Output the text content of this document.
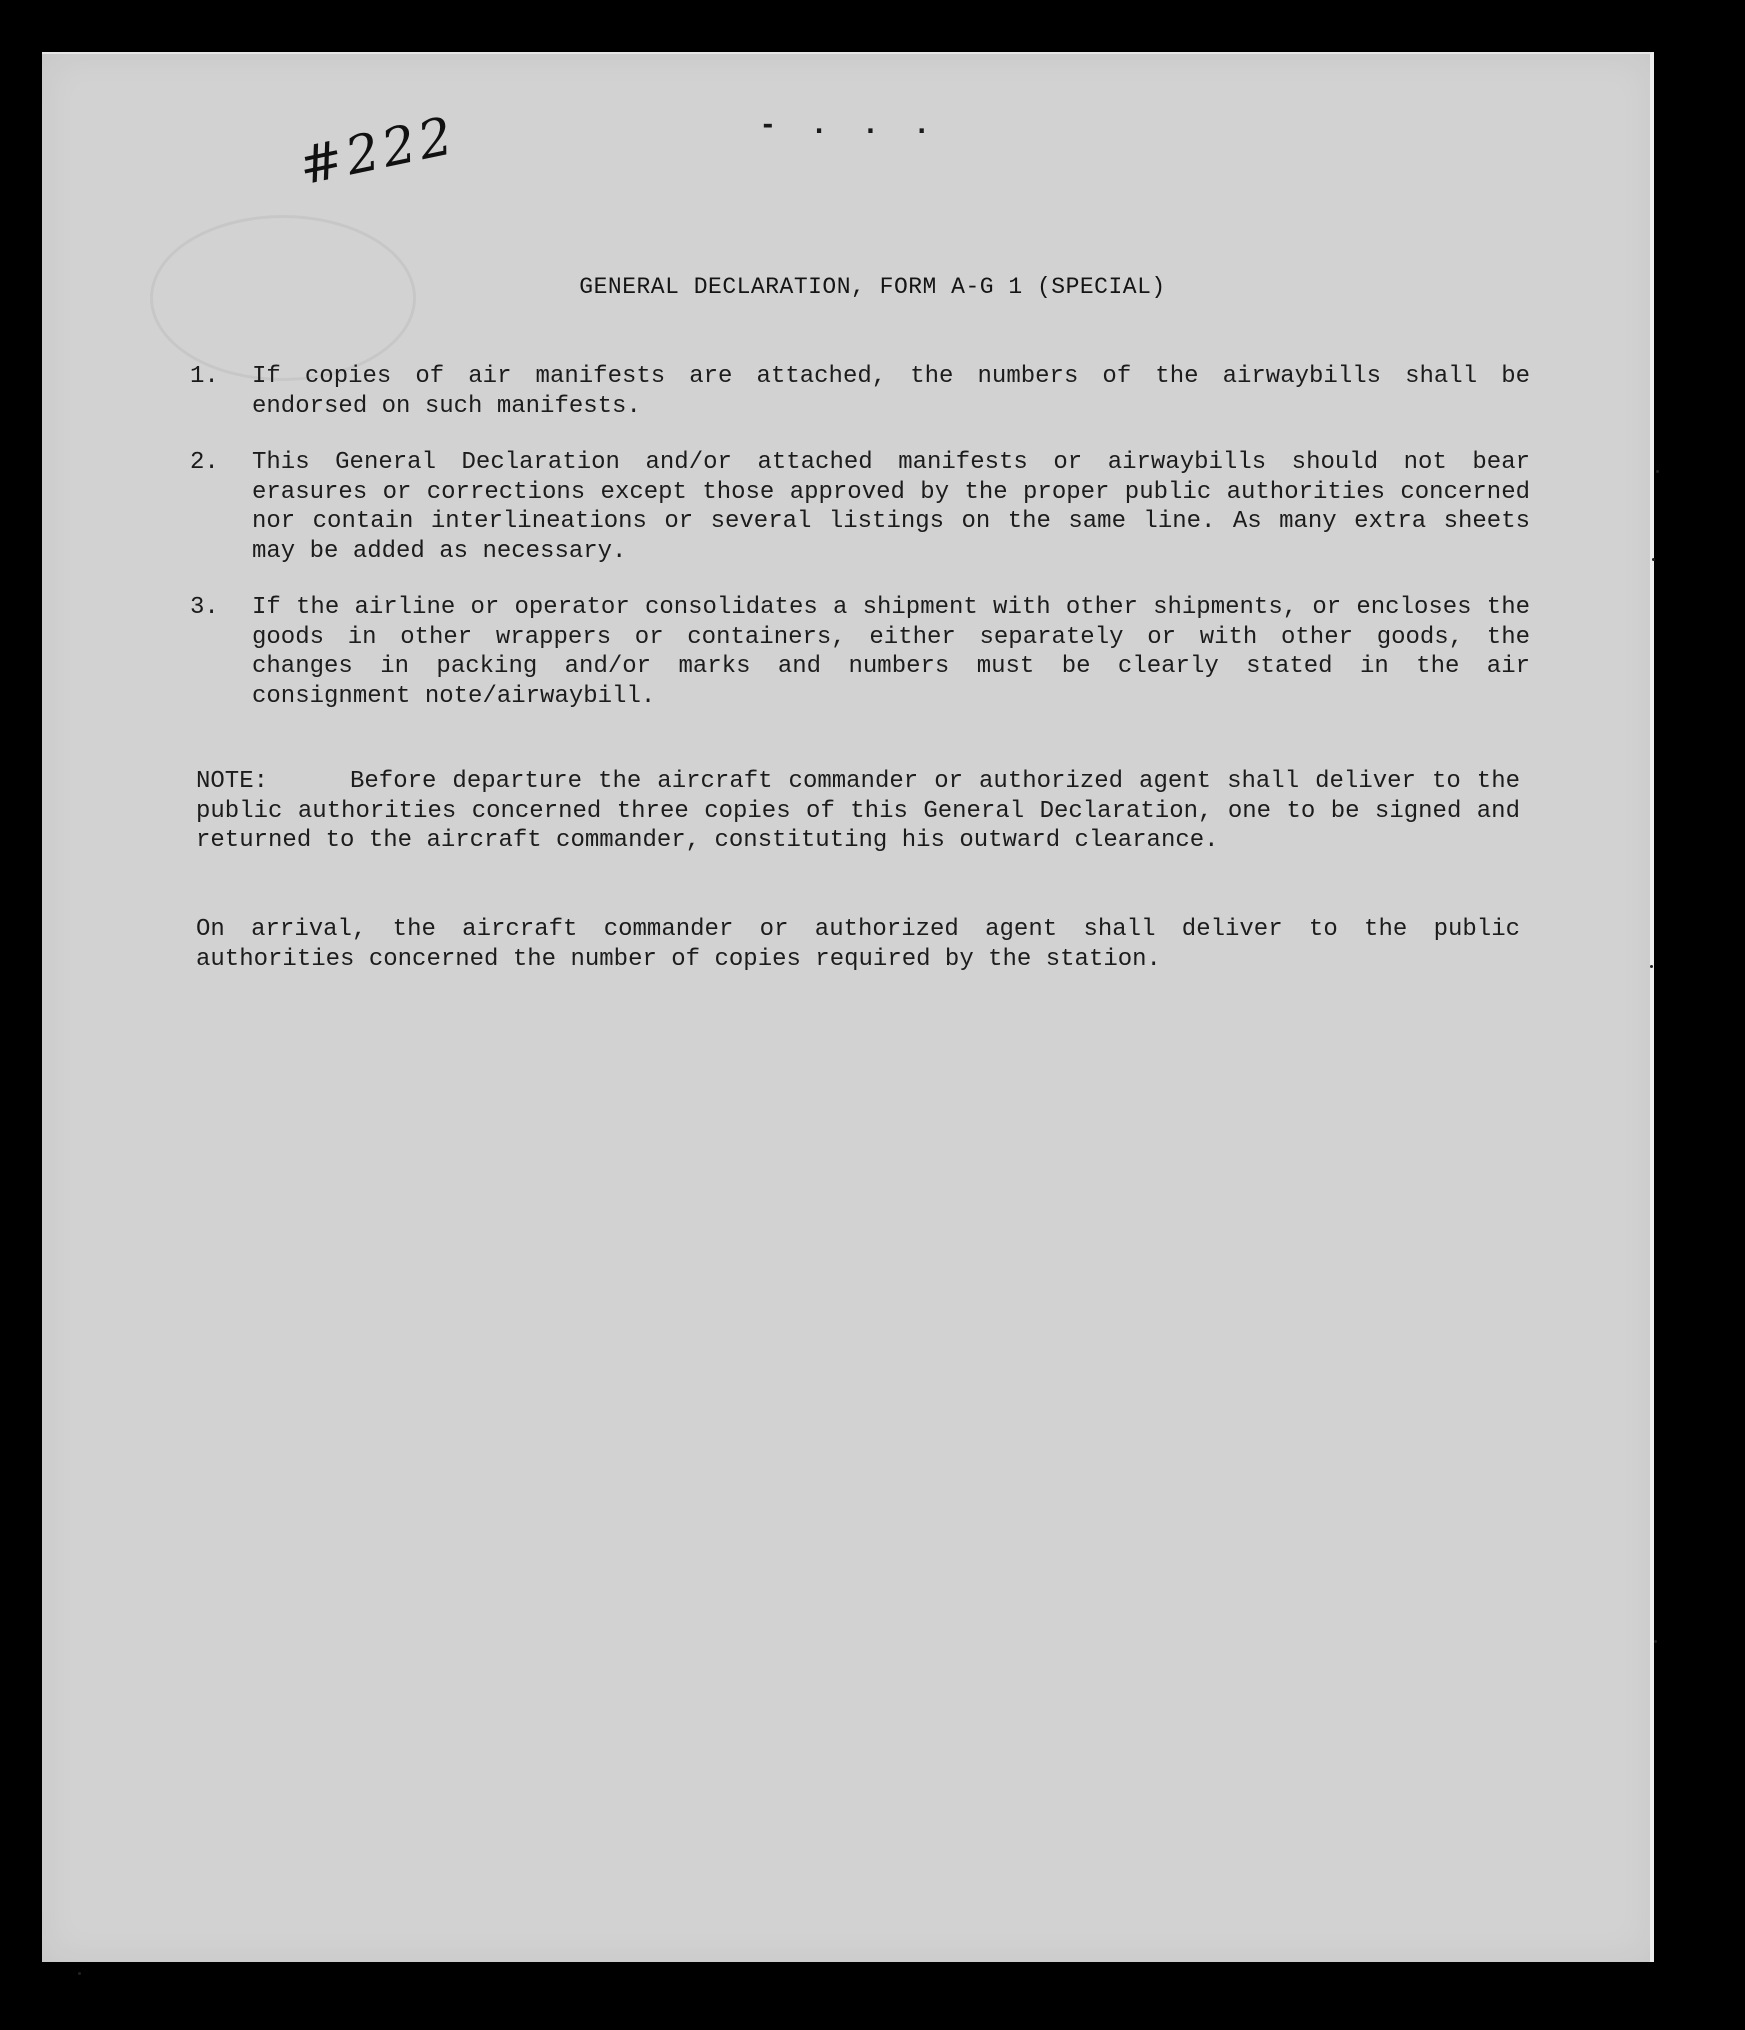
- . . .
#222
GENERAL DECLARATION, FORM A-G 1 (SPECIAL)
1. If copies of air manifests are attached, the numbers of the airwaybills shall be endorsed on such manifests.
2. This General Declaration and/or attached manifests or airwaybills should not bear erasures or corrections except those approved by the proper public authorities concerned nor contain interlineations or several listings on the same line. As many extra sheets may be added as necessary.
3. If the airline or operator consolidates a shipment with other shipments, or encloses the goods in other wrappers or containers, either separately or with other goods, the changes in packing and/or marks and numbers must be clearly stated in the air consignment note/airwaybill.
NOTE:	Before departure the aircraft commander or authorized agent shall deliver to the public authorities concerned three copies of this General Declaration, one to be signed and returned to the aircraft commander, constituting his outward clearance.
On arrival, the aircraft commander or authorized agent shall deliver to the public authorities concerned the number of copies required by the station.
